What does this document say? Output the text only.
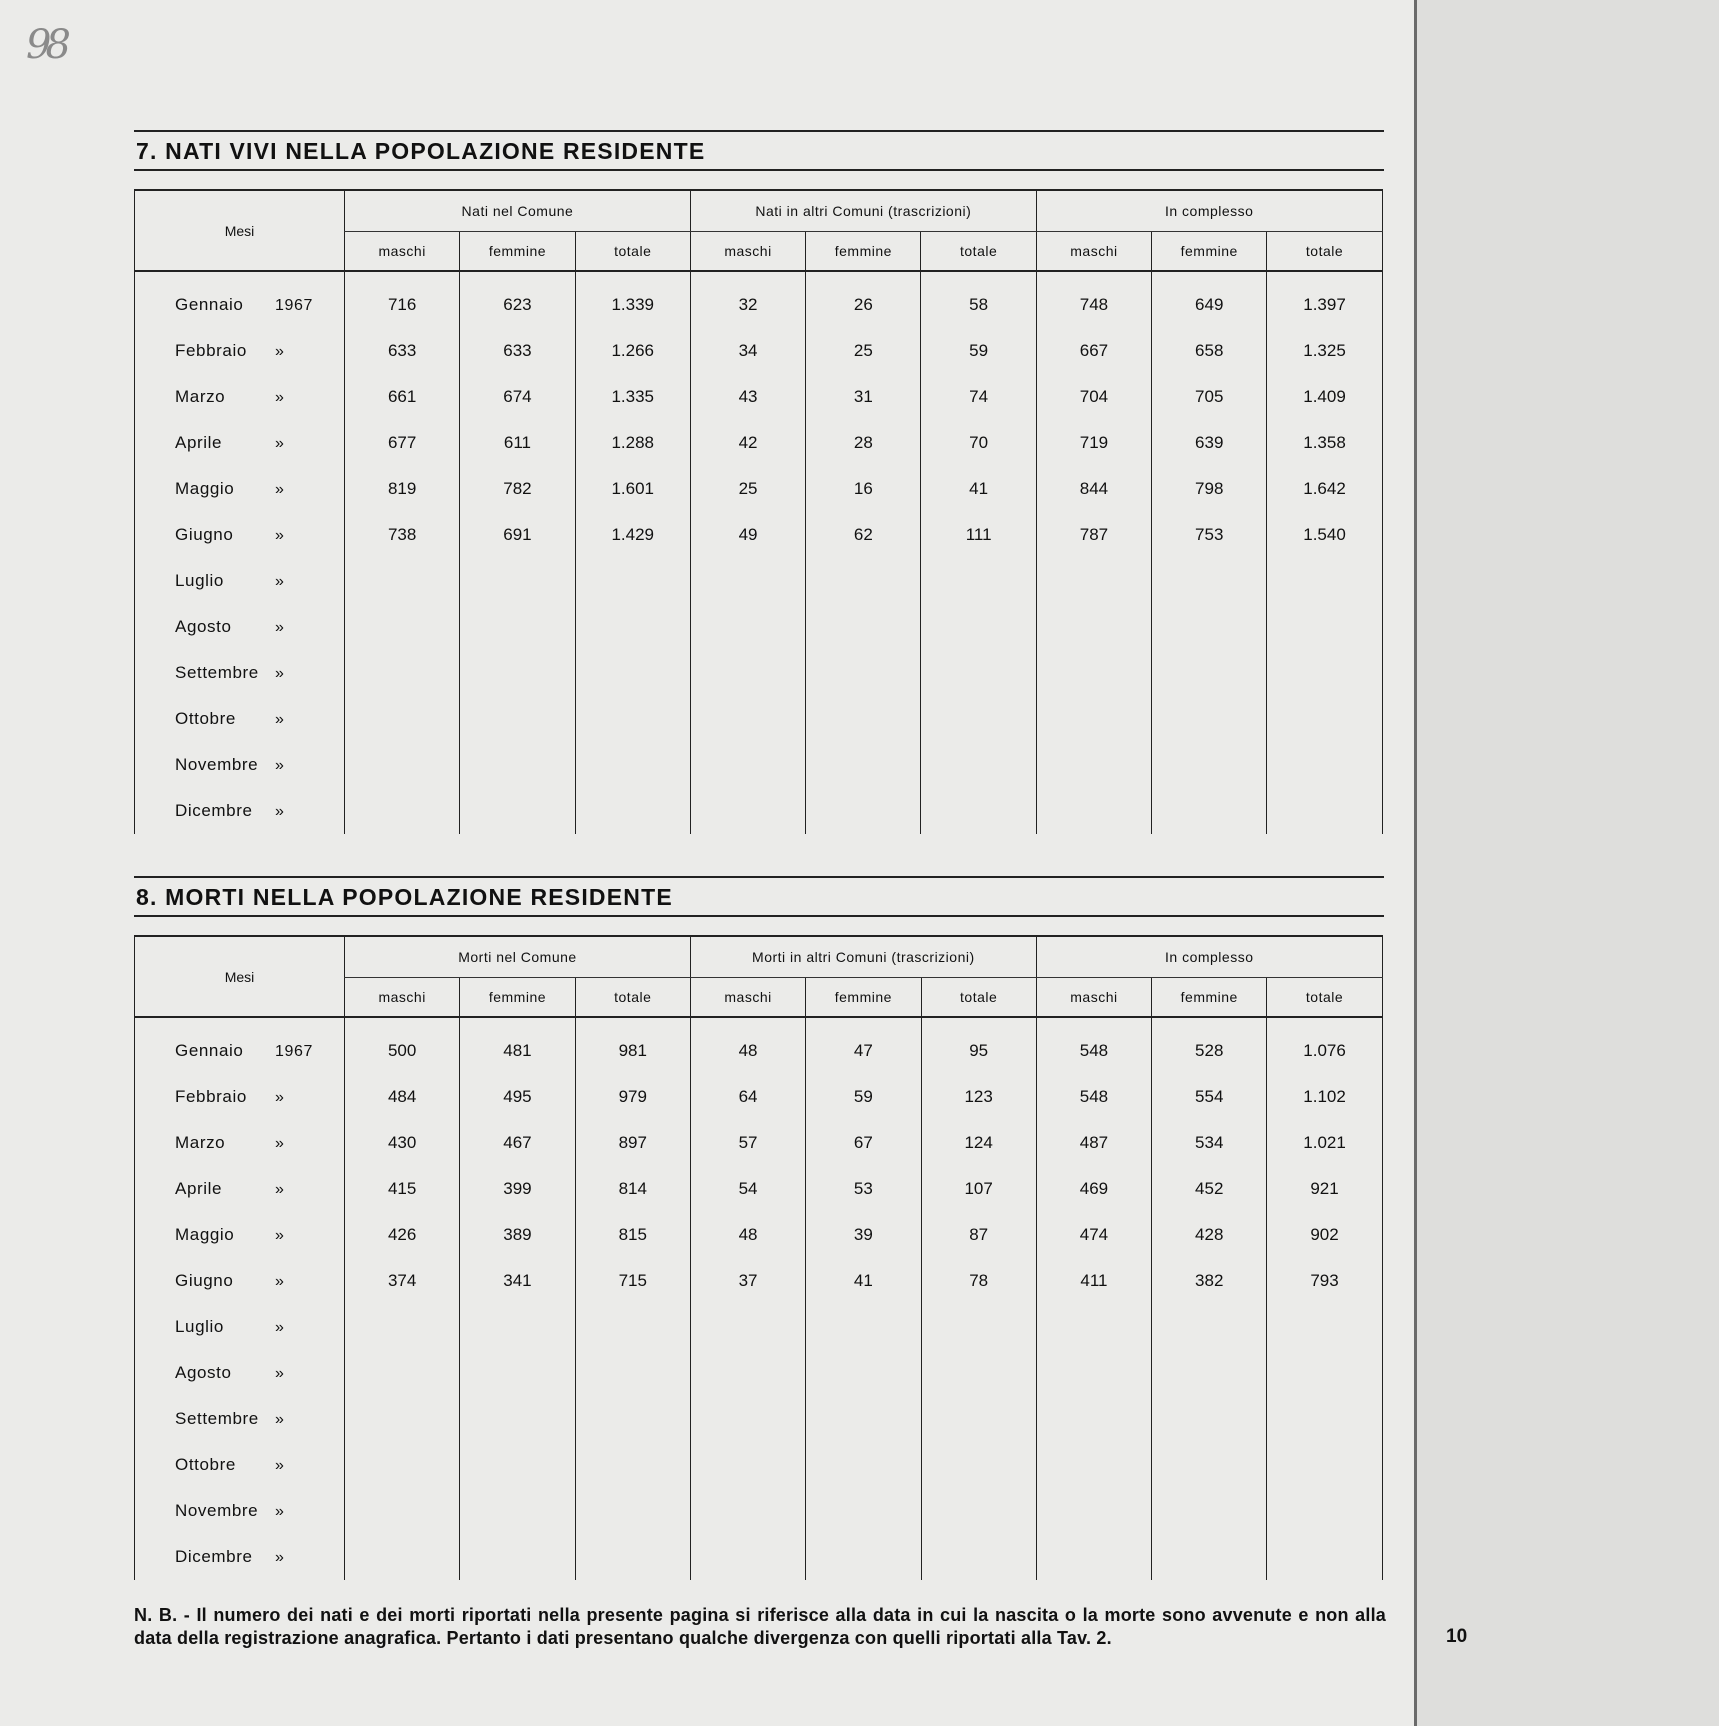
98
7. NATI VIVI NELLA POPOLAZIONE RESIDENTE
Mesi	Nati nel Comune			Nati in altri Comuni (trascrizioni)			In complesso		
	maschi	femmine	totale	maschi	femmine	totale	maschi	femmine	totale

Gennaio 1967	716	623	1.339	32	26	58	748	649	1.397
Febbraio »	633	633	1.266	34	25	59	667	658	1.325
Marzo »	661	674	1.335	43	31	74	704	705	1.409
Aprile »	677	611	1.288	42	28	70	719	639	1.358
Maggio »	819	782	1.601	25	16	41	844	798	1.642
Giugno »	738	691	1.429	49	62	111	787	753	1.540
Luglio »									
Agosto »									
Settembre »									
Ottobre »									
Novembre »									
Dicembre »									
8. MORTI NELLA POPOLAZIONE RESIDENTE
Mesi	Morti nel Comune			Morti in altri Comuni (trascrizioni)			In complesso		
	maschi	femmine	totale	maschi	femmine	totale	maschi	femmine	totale

Gennaio 1967	500	481	981	48	47	95	548	528	1.076
Febbraio »	484	495	979	64	59	123	548	554	1.102
Marzo »	430	467	897	57	67	124	487	534	1.021
Aprile »	415	399	814	54	53	107	469	452	921
Maggio »	426	389	815	48	39	87	474	428	902
Giugno »	374	341	715	37	41	78	411	382	793
Luglio »									
Agosto »									
Settembre »									
Ottobre »									
Novembre »									
Dicembre »									
N. B. - Il numero dei nati e dei morti riportati nella presente pagina si riferisce alla data in cui la nascita o la morte sono avvenute e non alla data della registrazione anagrafica. Pertanto i dati presentano qualche divergenza con quelli riportati alla Tav. 2.	10
